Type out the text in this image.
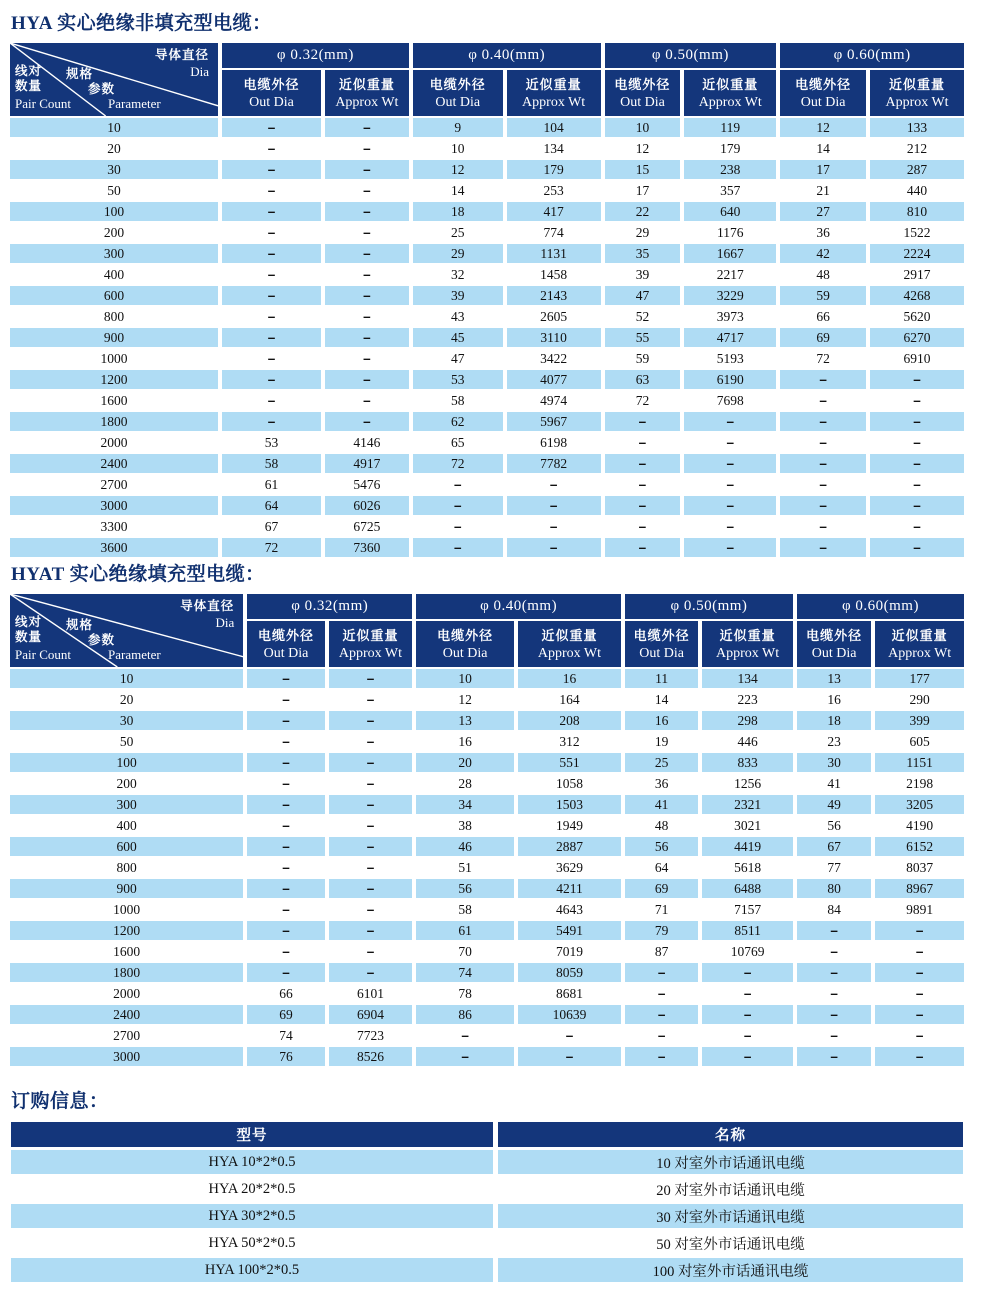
HYA 实心绝缘非填充型电缆：
导体直径
Dia
线对
数量
Pair Count
规格
参数
Parameter
	φ 0.32(mm)	φ 0.40(mm)	φ 0.50(mm)	φ 0.60(mm)

	电缆外径
Out Dia	近似重量
Approx Wt	电缆外径
Out Dia	近似重量
Approx Wt	电缆外径
Out Dia	近似重量
Approx Wt	电缆外径
Out Dia	近似重量
Approx Wt

10	–	–	9	104	10	119	12	133
20	–	–	10	134	12	179	14	212
30	–	–	12	179	15	238	17	287
50	–	–	14	253	17	357	21	440
100	–	–	18	417	22	640	27	810
200	–	–	25	774	29	1176	36	1522
300	–	–	29	1131	35	1667	42	2224
400	–	–	32	1458	39	2217	48	2917
600	–	–	39	2143	47	3229	59	4268
800	–	–	43	2605	52	3973	66	5620
900	–	–	45	3110	55	4717	69	6270
1000	–	–	47	3422	59	5193	72	6910
1200	–	–	53	4077	63	6190	–	–
1600	–	–	58	4974	72	7698	–	–
1800	–	–	62	5967	–	–	–	–
2000	53	4146	65	6198	–	–	–	–
2400	58	4917	72	7782	–	–	–	–
2700	61	5476	–	–	–	–	–	–
3000	64	6026	–	–	–	–	–	–
3300	67	6725	–	–	–	–	–	–
3600	72	7360	–	–	–	–	–	–
HYAT 实心绝缘填充型电缆：
导体直径
Dia
线对
数量
Pair Count
规格
参数
Parameter
	φ 0.32(mm)	φ 0.40(mm)	φ 0.50(mm)	φ 0.60(mm)

	电缆外径
Out Dia	近似重量
Approx Wt	电缆外径
Out Dia	近似重量
Approx Wt	电缆外径
Out Dia	近似重量
Approx Wt	电缆外径
Out Dia	近似重量
Approx Wt

10	–	–	10	16	11	134	13	177
20	–	–	12	164	14	223	16	290
30	–	–	13	208	16	298	18	399
50	–	–	16	312	19	446	23	605
100	–	–	20	551	25	833	30	1151
200	–	–	28	1058	36	1256	41	2198
300	–	–	34	1503	41	2321	49	3205
400	–	–	38	1949	48	3021	56	4190
600	–	–	46	2887	56	4419	67	6152
800	–	–	51	3629	64	5618	77	8037
900	–	–	56	4211	69	6488	80	8967
1000	–	–	58	4643	71	7157	84	9891
1200	–	–	61	5491	79	8511	–	–
1600	–	–	70	7019	87	10769	–	–
1800	–	–	74	8059	–	–	–	–
2000	66	6101	78	8681	–	–	–	–
2400	69	6904	86	10639	–	–	–	–
2700	74	7723	–	–	–	–	–	–
3000	76	8526	–	–	–	–	–	–
订购信息：
型号	名称
HYA 10*2*0.5	10 对室外市话通讯电缆
HYA 20*2*0.5	20 对室外市话通讯电缆
HYA 30*2*0.5	30 对室外市话通讯电缆
HYA 50*2*0.5	50 对室外市话通讯电缆
HYA 100*2*0.5	100 对室外市话通讯电缆
